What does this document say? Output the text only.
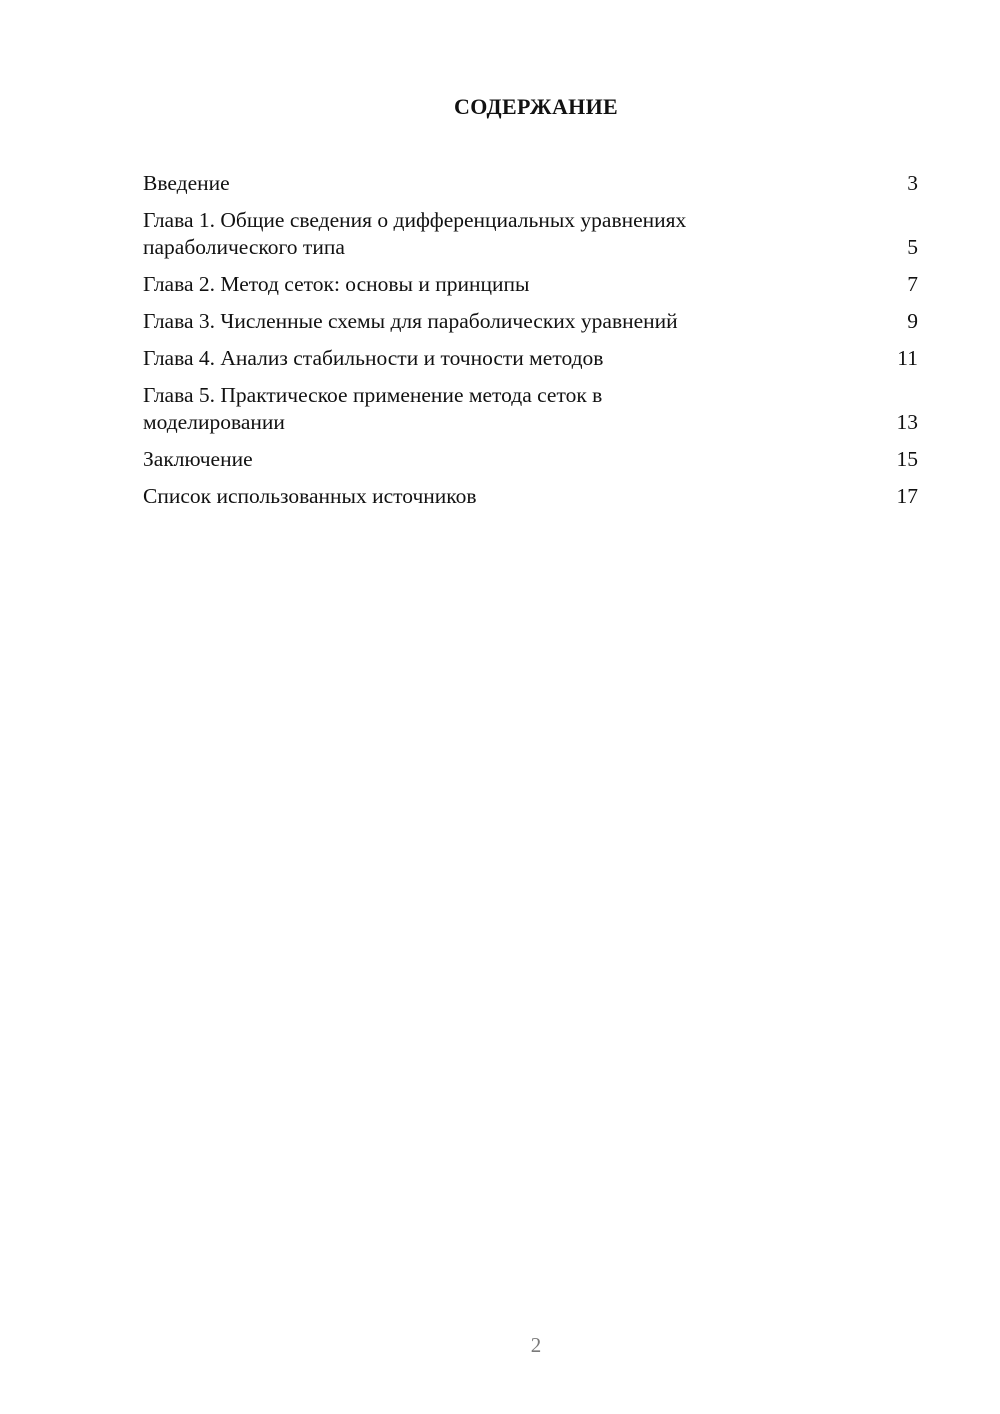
СОДЕРЖАНИЕ
Введение	3
Глава 1. Общие сведения о дифференциальных уравнениях параболического типа	5
Глава 2. Метод сеток: основы и принципы	7
Глава 3. Численные схемы для параболических уравнений	9
Глава 4. Анализ стабильности и точности методов	11
Глава 5. Практическое применение метода сеток в моделировании	13
Заключение	15
Список использованных источников	17
2
